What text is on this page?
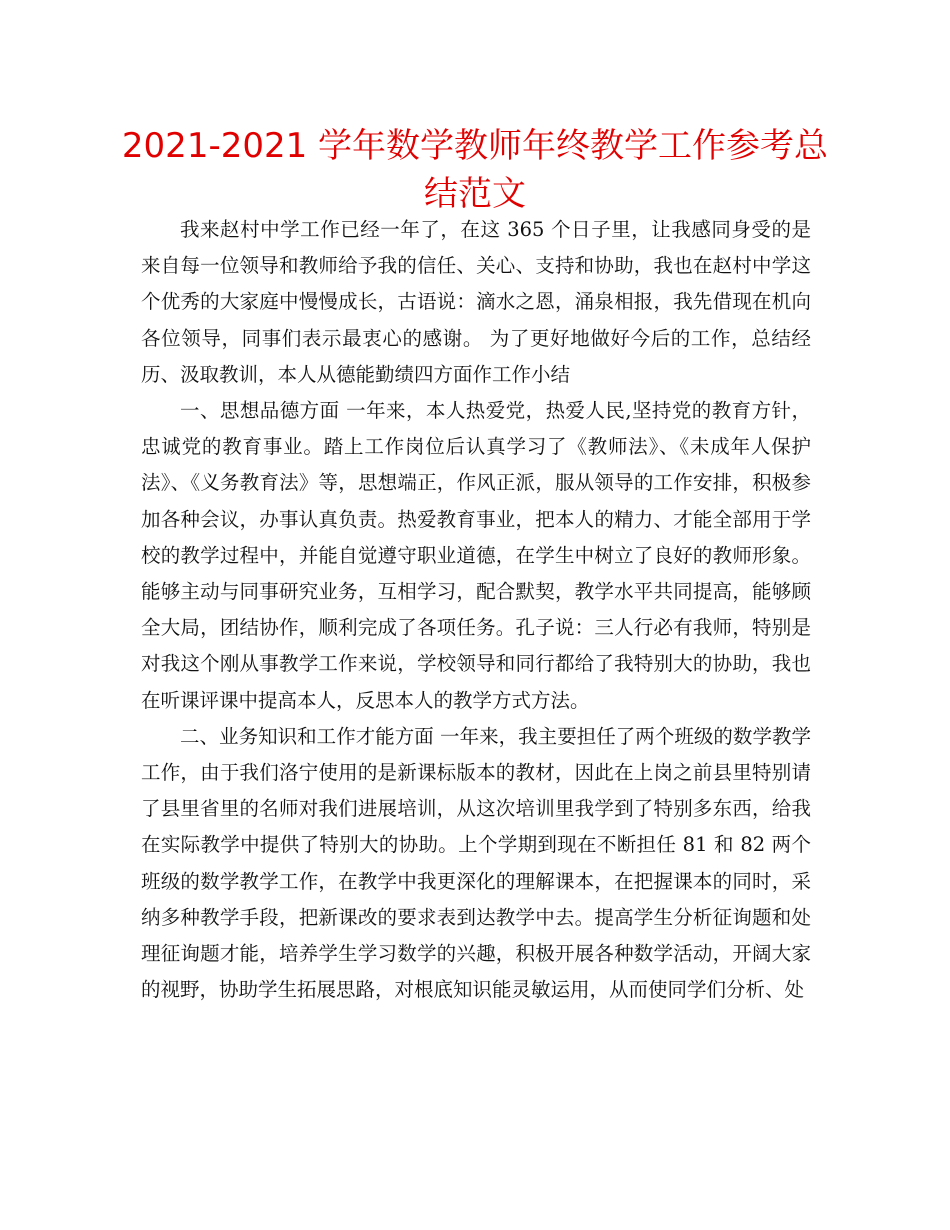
2021-2021 学年数学教师年终教学工作参考总结范文

我来赵村中学工作已经一年了，在这 365 个日子里，让我感同身受的是来自每一位领导和教师给予我的信任、关心、支持和协助，我也在赵村中学这个优秀的大家庭中慢慢成长，古语说：滴水之恩，涌泉相报，我先借现在机向各位领导，同事们表示最衷心的感谢。 为了更好地做好今后的工作，总结经历、汲取教训，本人从德能勤绩四方面作工作小结

一、思想品德方面 一年来，本人热爱党，热爱人民,坚持党的教育方针，忠诚党的教育事业。踏上工作岗位后认真学习了《教师法》、《未成年人保护法》、《义务教育法》等，思想端正，作风正派，服从领导的工作安排，积极参加各种会议，办事认真负责。热爱教育事业，把本人的精力、才能全部用于学校的教学过程中，并能自觉遵守职业道德，在学生中树立了良好的教师形象。能够主动与同事研究业务，互相学习，配合默契，教学水平共同提高，能够顾全大局，团结协作，顺利完成了各项任务。孔子说：三人行必有我师，特别是对我这个刚从事教学工作来说，学校领导和同行都给了我特别大的协助，我也在听课评课中提高本人，反思本人的教学方式方法。

二、业务知识和工作才能方面 一年来，我主要担任了两个班级的数学教学工作，由于我们洛宁使用的是新课标版本的教材，因此在上岗之前县里特别请了县里省里的名师对我们进展培训，从这次培训里我学到了特别多东西，给我在实际教学中提供了特别大的协助。上个学期到现在不断担任 81 和 82 两个班级的数学教学工作，在教学中我更深化的理解课本，在把握课本的同时，采纳多种教学手段，把新课改的要求表到达教学中去。提高学生分析征询题和处理征询题才能，培养学生学习数学的兴趣，积极开展各种数学活动，开阔大家的视野，协助学生拓展思路，对根底知识能灵敏运用，从而使同学们分析、处
